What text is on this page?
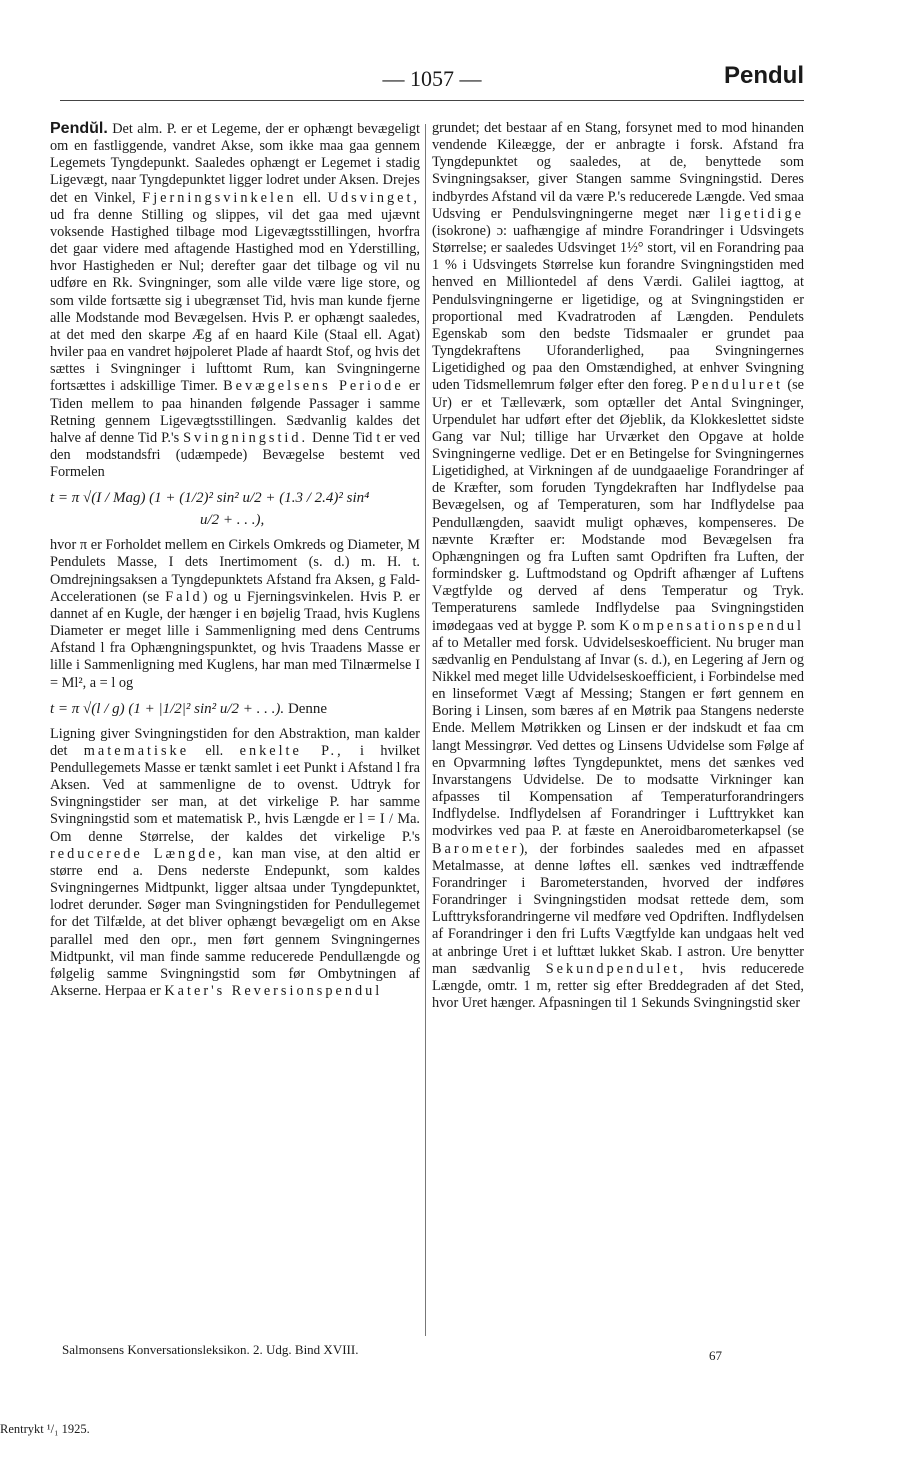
— 1057 —	Pendul

Pendŭl. Det alm. P. er et Legeme, der er ophængt bevægeligt om en fastliggende, vandret Akse, som ikke maa gaa gennem Legemets Tyngdepunkt. Saaledes ophængt er Legemet i stadig Ligevægt, naar Tyngdepunktet ligger lodret under Aksen. Drejes det en Vinkel, Fjerningsvinkelen ell. Udsvinget, ud fra denne Stilling og slippes, vil det gaa med ujævnt voksende Hastighed tilbage mod Ligevægtsstillingen, hvorfra det gaar videre med aftagende Hastighed mod en Yderstilling, hvor Hastigheden er Nul; derefter gaar det tilbage og vil nu udføre en Rk. Svingninger, som alle vilde være lige store, og som vilde fortsætte sig i ubegrænset Tid, hvis man kunde fjerne alle Modstande mod Bevægelsen. Hvis P. er ophængt saaledes, at det med den skarpe Æg af en haard Kile (Staal ell. Agat) hviler paa en vandret højpoleret Plade af haardt Stof, og hvis det sættes i Svingninger i lufttomt Rum, kan Svingningerne fortsættes i adskillige Timer. Bevægelsens Periode er Tiden mellem to paa hinanden følgende Passager i samme Retning gennem Ligevægtsstillingen. Sædvanlig kaldes det halve af denne Tid P.'s Svingningstid. Denne Tid t er ved den modstandsfri (udæmpede) Bevægelse bestemt ved Formelen

t = π √(I / Mag) (1 + (1/2)² sin² u/2 + (1.3 / 2.4)² sin⁴
u/2 + . . .),

hvor π er Forholdet mellem en Cirkels Omkreds og Diameter, M Pendulets Masse, I dets Inertimoment (s. d.) m. H. t. Omdrejningsaksen a Tyngdepunktets Afstand fra Aksen, g Fald-Accelerationen (se Fald) og u Fjerningsvinkelen. Hvis P. er dannet af en Kugle, der hænger i en bøjelig Traad, hvis Kuglens Diameter er meget lille i Sammenligning med dens Centrums Afstand l fra Ophængningspunktet, og hvis Traadens Masse er lille i Sammenligning med Kuglens, har man med Tilnærmelse I = Ml², a = l og

t = π √(l / g) (1 + |1/2|² sin² u/2 + . . .). Denne

Ligning giver Svingningstiden for den Abstraktion, man kalder det matematiske ell. enkelte P., i hvilket Pendullegemets Masse er tænkt samlet i eet Punkt i Afstand l fra Aksen. Ved at sammenligne de to ovenst. Udtryk for Svingningstider ser man, at det virkelige P. har samme Svingningstid som et matematisk P., hvis Længde er l = I / Ma. Om denne Størrelse, der kaldes det virkelige P.'s reducerede Længde, kan man vise, at den altid er større end a. Dens nederste Endepunkt, som kaldes Svingningernes Midtpunkt, ligger altsaa under Tyngdepunktet, lodret derunder. Søger man Svingningstiden for Pendullegemet for det Tilfælde, at det bliver ophængt bevægeligt om en Akse parallel med den opr., men ført gennem Svingningernes Midtpunkt, vil man finde samme reducerede Pendullængde og følgelig samme Svingningstid som før Ombytningen af Akserne. Herpaa er Kater's Reversionspendul

grundet; det bestaar af en Stang, forsynet med to mod hinanden vendende Kileægge, der er anbragte i forsk. Afstand fra Tyngdepunktet og saaledes, at de, benyttede som Svingningsakser, giver Stangen samme Svingningstid. Deres indbyrdes Afstand vil da være P.'s reducerede Længde. Ved smaa Udsving er Pendulsvingningerne meget nær ligetidige (isokrone) ɔ: uafhængige af mindre Forandringer i Udsvingets Størrelse; er saaledes Udsvinget 1½° stort, vil en Forandring paa 1 % i Udsvingets Størrelse kun forandre Svingningstiden med henved en Milliontedel af dens Værdi. Galilei iagttog, at Pendulsvingningerne er ligetidige, og at Svingningstiden er proportional med Kvadratroden af Længden. Pendulets Egenskab som den bedste Tidsmaaler er grundet paa Tyngdekraftens Uforanderlighed, paa Svingningernes Ligetidighed og paa den Omstændighed, at enhver Svingning uden Tidsmellemrum følger efter den foreg. Penduluret (se Ur) er et Tælleværk, som optæller det Antal Svingninger, Urpendulet har udført efter det Øjeblik, da Klokkeslettet sidste Gang var Nul; tillige har Urværket den Opgave at holde Svingningerne vedlige. Det er en Betingelse for Svingningernes Ligetidighed, at Virkningen af de uundgaaelige Forandringer af de Kræfter, som foruden Tyngdekraften har Indflydelse paa Bevægelsen, og af Temperaturen, som har Indflydelse paa Pendullængden, saavidt muligt ophæves, kompenseres. De nævnte Kræfter er: Modstande mod Bevægelsen fra Ophængningen og fra Luften samt Opdriften fra Luften, der formindsker g. Luftmodstand og Opdrift afhænger af Luftens Vægtfylde og derved af dens Temperatur og Tryk. Temperaturens samlede Indflydelse paa Svingningstiden imødegaas ved at bygge P. som Kompensationspendul af to Metaller med forsk. Udvidelseskoefficient. Nu bruger man sædvanlig en Pendulstang af Invar (s. d.), en Legering af Jern og Nikkel med meget lille Udvidelseskoefficient, i Forbindelse med en linseformet Vægt af Messing; Stangen er ført gennem en Boring i Linsen, som bæres af en Møtrik paa Stangens nederste Ende. Mellem Møtrikken og Linsen er der indskudt et faa cm langt Messingrør. Ved dettes og Linsens Udvidelse som Følge af en Opvarmning løftes Tyngdepunktet, mens det sænkes ved Invarstangens Udvidelse. De to modsatte Virkninger kan afpasses til Kompensation af Temperaturforandringers Indflydelse. Indflydelsen af Forandringer i Lufttrykket kan modvirkes ved paa P. at fæste en Aneroidbarometerkapsel (se Barometer), der forbindes saaledes med en afpasset Metalmasse, at denne løftes ell. sænkes ved indtræffende Forandringer i Barometerstanden, hvorved der indføres Forandringer i Svingningstiden modsat rettede dem, som Lufttryksforandringerne vil medføre ved Opdriften. Indflydelsen af Forandringer i den fri Lufts Vægtfylde kan undgaas helt ved at anbringe Uret i et lufttæt lukket Skab. I astron. Ure benytter man sædvanlig Sekundpendulet, hvis reducerede Længde, omtr. 1 m, retter sig efter Breddegraden af det Sted, hvor Uret hænger. Afpasningen til 1 Sekunds Svingningstid sker

Salmonsens Konversationsleksikon. 2. Udg. Bind XVIII.	67
Rentrykt ¹/₁ 1925.
